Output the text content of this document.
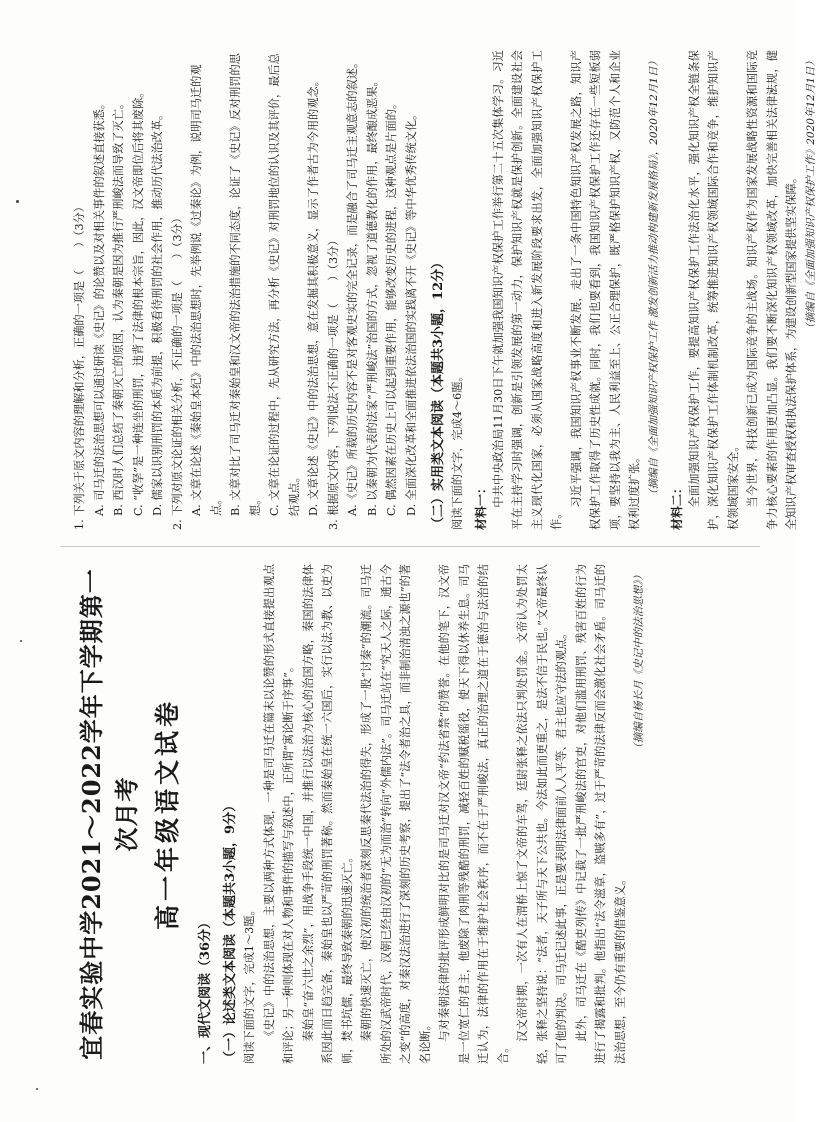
宜春实验中学2021～2022学年下学期第一次月考 高一年级语文试卷
一、现代文阅读（36分） （一）论述类文本阅读（本题共3小题，9分） 阅读下面的文字，完成1～3题。 《史记》中的法治思想，主要以两种方式体现，一种是司马迁在篇末以论赞的形式直接提出观点和评论；另一种则体现在对人物和事件的描写与叙述中，正所谓“寓论断于序事”。 秦始皇“奋六世之余烈”，用战争手段统一中国，并推行以法治为核心的治国方略，秦国的法律体系因此而日趋完备，秦始皇也以严苛的刑罚著称。然而秦始皇在统一六国后，实行以法为教、以吏为师，焚书坑儒，最终导致秦朝的迅速灭亡。 秦朝的快速灭亡，使汉初的统治者深刻反思秦代法治的得失，形成了一股“讨秦”的潮流。司马迁所处的汉武帝时代，汉朝已经由汉初的“无为而治”转向“外儒内法”。司马迁站在“究天人之际，通古今之变”的高度，对秦汉法治进行了深刻的历史考察，提出了“法令者治之具，而非制治清浊之源也”的著名论断。

与对秦朝法律的批评形成鲜明对比的是司马迁对汉文帝“约法省禁”的赞誉。在他的笔下，汉文帝是一位宽仁的君主，他废除了肉刑等残酷的刑罚，减轻百姓的赋税徭役，使天下得以休养生息。司马迁认为，法律的作用在于维护社会秩序，而不在于严刑峻法，真正的治理之道在于德治与法治的结合。

汉文帝时期，一次有人在渭桥上惊了文帝的车驾，廷尉张释之依法只判处罚金。文帝认为处罚太轻，张释之坚持说：“法者，天子所与天下公共也。今法如此而更重之，是法不信于民也。”文帝最终认可了他的判决。司马迁记述此事，正是要表明法律面前人人平等、君主也应守法的观点。 此外，司马迁在《酷吏列传》中记载了一批严刑峻法的官吏，对他们滥用刑罚、残害百姓的行为进行了揭露和批判。他指出“法令滋章，盗贼多有”，过于严苛的法律反而会激化社会矛盾。司马迁的法治思想，至今仍有重要的借鉴意义。

（摘编自杨长月《史记中的法治思想》）

1. 下列关于原文内容的理解和分析，正确的一项是（　　）（3分） A. 司马迁的法治思想可以通过研读《史记》的论赞以及对相关事件的叙述直接获悉。 B. 西汉时人们总结了秦朝灭亡的原因，认为秦朝是因为推行严刑峻法而导致了灭亡。 C. “收孥”是一种连坐的刑罚，违背了法律的根本宗旨，因此，汉文帝即位后将其废除。 D. 儒家以识别刑罚的本质为前提，积极看待刑罚的社会作用，推动历代法治改革。 2. 下列对原文论证的相关分析，不正确的一项是（　　）（3分） A. 文章在论述《秦始皇本纪》中的法治思想时，先举例说《过秦论》为例，说明司马迁的观点。 B. 文章对比了司马迁对秦始皇和汉文帝的法治措施的不同态度，论证了《史记》反对刑罚的思想。 C. 文章在论证的过程中，先从研究方法，再分析《史记》对刑罚地位的认识及其评价，最后总结观点。 D. 文章论述《史记》中的法治思想，意在发掘其积极意义，显示了作者古为今用的观念。 3. 根据原文内容，下列说法不正确的一项是（　　）（3分） A.《史记》所载的历史内容不是对客观史实的完全记录，而是融合了司马迁主观意志的叙述。 B. 以秦朝为代表的法家“严刑峻法”治国的方式，忽视了道德教化的作用，最终酿成恶果。 C. 偶然因素在历史上可以起到重要作用，能够改变历史的进程，这种观点是片面的。 D. 全面深化改革和全面推进依法治国的实践离不开《史记》等中华优秀传统文化。	（二）实用类文本阅读（本题共3小题，12分） 阅读下面的文字，完成4～6题。 材料一： 中共中央政治局11月30日下午就加强我国知识产权保护工作举行第二十五次集体学习。习近平在主持学习时强调，创新是引领发展的第一动力，保护知识产权就是保护创新。全面建设社会主义现代化国家，必须从国家战略高度和进入新发展阶段要求出发，全面加强知识产权保护工作。

习近平强调，我国知识产权事业不断发展，走出了一条中国特色知识产权发展之路，知识产权保护工作取得了历史性成就。同时，我们也要看到，我国知识产权保护工作还存在一些短板弱项，要坚持以我为主、人民利益至上、公正合理保护，既严格保护知识产权，又防范个人和企业权利过度扩张。 （摘编自《全面加强知识产权保护工作 激发创新活力推动构建新发展格局》，2020年12月1日）

材料二： 全面加强知识产权保护工作，要提高知识产权保护工作法治化水平，强化知识产权全链条保护，深化知识产权保护工作体制机制改革，统筹推进知识产权领域国际合作和竞争，维护知识产权领域国家安全。 当今世界，科技创新已成为国际竞争的主战场。知识产权作为国家发展战略性资源和国际竞争力核心要素的作用更加凸显。我们要不断深化知识产权领域改革，加快完善相关法律法规，健全知识产权审查授权和执法保护体系，为建设创新型国家提供坚实保障。 （摘编自《全面加强知识产权保护工作》2020年12月1日）
